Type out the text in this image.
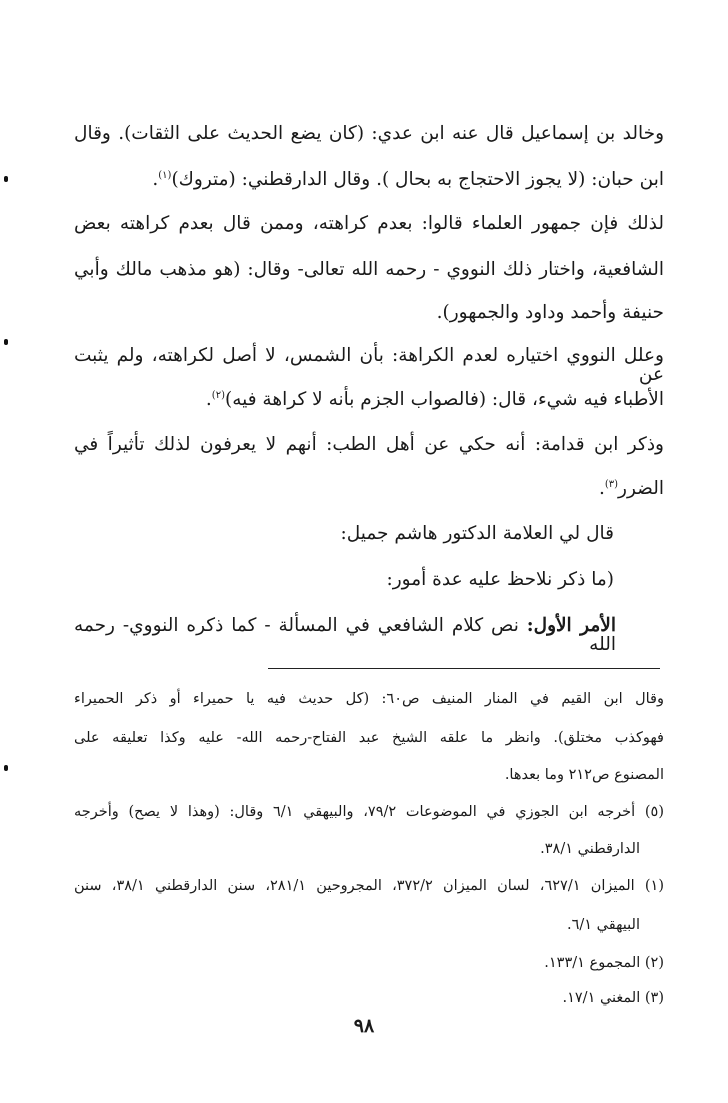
وخالد بن إسماعيل قال عنه ابن عدي: (كان يضع الحديث على الثقات). وقال
ابن حبان: (لا يجوز الاحتجاج به بحال ). وقال الدارقطني: (متروك)$^{(١)}$.
لذلك فإن جمهور العلماء قالوا: بعدم كراهته، وممن قال بعدم كراهته بعض
الشافعية، واختار ذلك النووي - رحمه الله تعالى- وقال: (هو مذهب مالك وأبي
حنيفة وأحمد وداود والجمهور).
وعلل النووي اختياره لعدم الكراهة: بأن الشمس، لا أصل لكراهته، ولم يثبت عن
الأطباء فيه شيء، قال: (فالصواب الجزم بأنه لا كراهة فيه)$^{(٢)}$.
وذكر ابن قدامة: أنه حكي عن أهل الطب: أنهم لا يعرفون لذلك تأثيراً في
الضرر$^{(٣)}$.
قال لي العلامة الدكتور هاشم جميل:
(ما ذكر نلاحظ عليه عدة أمور:
الأمر الأول: نص كلام الشافعي في المسألة - كما ذكره النووي- رحمه الله
وقال ابن القيم في المنار المنيف ص٦٠: (كل حديث فيه يا حميراء أو ذكر الحميراء
فهوكذب مختلق). وانظر ما علقه الشيخ عبد الفتاح-رحمه الله- عليه وكذا تعليقه على
المصنوع ص٢١٢ وما بعدها.
(٥) أخرجه ابن الجوزي في الموضوعات ٧٩/٢، والبيهقي ٦/١ وقال: (وهذا لا يصح) وأخرجه
الدارقطني ٣٨/١.
(١) الميزان ٦٢٧/١، لسان الميزان ٣٧٢/٢، المجروحين ٢٨١/١، سنن الدارقطني ٣٨/١، سنن
البيهقي ٦/١.
(٢) المجموع ١٣٣/١.
(٣) المغني ١٧/١.
٩٨
